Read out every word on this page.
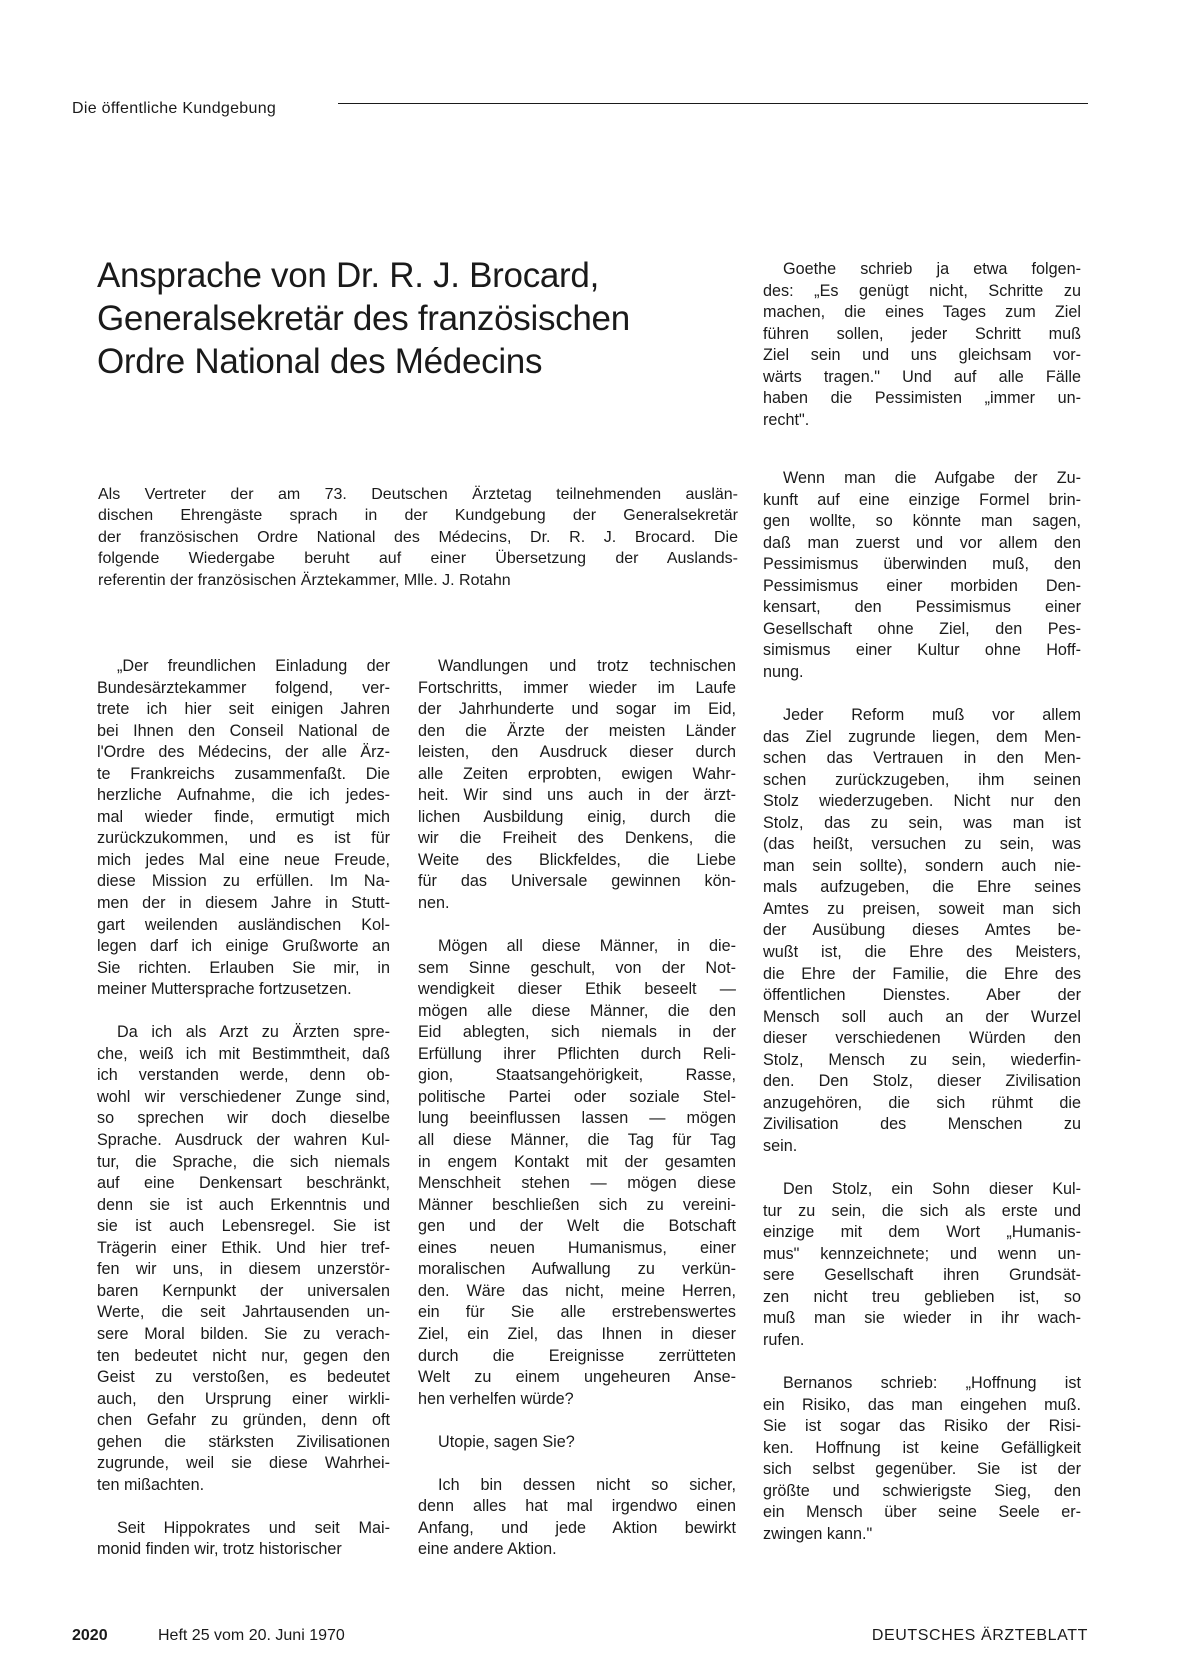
Die öffentliche Kundgebung
Ansprache von Dr. R. J. Brocard,
Generalsekretär des französischen
Ordre National des Médecins
Als Vertreter der am 73. Deutschen Ärztetag teilnehmenden auslän-
dischen Ehrengäste sprach in der Kundgebung der Generalsekretär
der französischen Ordre National des Médecins, Dr. R. J. Brocard. Die
folgende Wiedergabe beruht auf einer Übersetzung der Auslands-
referentin der französischen Ärztekammer, Mlle. J. Rotahn
„Der freundlichen Einladung der
Bundesärztekammer folgend, ver-
trete ich hier seit einigen Jahren
bei Ihnen den Conseil National de
l'Ordre des Médecins, der alle Ärz-
te Frankreichs zusammenfaßt. Die
herzliche Aufnahme, die ich jedes-
mal wieder finde, ermutigt mich
zurückzukommen, und es ist für
mich jedes Mal eine neue Freude,
diese Mission zu erfüllen. Im Na-
men der in diesem Jahre in Stutt-
gart weilenden ausländischen Kol-
legen darf ich einige Grußworte an
Sie richten. Erlauben Sie mir, in
meiner Muttersprache fortzusetzen.
Da ich als Arzt zu Ärzten spre-
che, weiß ich mit Bestimmtheit, daß
ich verstanden werde, denn ob-
wohl wir verschiedener Zunge sind,
so sprechen wir doch dieselbe
Sprache. Ausdruck der wahren Kul-
tur, die Sprache, die sich niemals
auf eine Denkensart beschränkt,
denn sie ist auch Erkenntnis und
sie ist auch Lebensregel. Sie ist
Trägerin einer Ethik. Und hier tref-
fen wir uns, in diesem unzerstör-
baren Kernpunkt der universalen
Werte, die seit Jahrtausenden un-
sere Moral bilden. Sie zu verach-
ten bedeutet nicht nur, gegen den
Geist zu verstoßen, es bedeutet
auch, den Ursprung einer wirkli-
chen Gefahr zu gründen, denn oft
gehen die stärksten Zivilisationen
zugrunde, weil sie diese Wahrhei-
ten mißachten.
Seit Hippokrates und seit Mai-
monid finden wir, trotz historischer
Wandlungen und trotz technischen
Fortschritts, immer wieder im Laufe
der Jahrhunderte und sogar im Eid,
den die Ärzte der meisten Länder
leisten, den Ausdruck dieser durch
alle Zeiten erprobten, ewigen Wahr-
heit. Wir sind uns auch in der ärzt-
lichen Ausbildung einig, durch die
wir die Freiheit des Denkens, die
Weite des Blickfeldes, die Liebe
für das Universale gewinnen kön-
nen.
Mögen all diese Männer, in die-
sem Sinne geschult, von der Not-
wendigkeit dieser Ethik beseelt —
mögen alle diese Männer, die den
Eid ablegten, sich niemals in der
Erfüllung ihrer Pflichten durch Reli-
gion, Staatsangehörigkeit, Rasse,
politische Partei oder soziale Stel-
lung beeinflussen lassen — mögen
all diese Männer, die Tag für Tag
in engem Kontakt mit der gesamten
Menschheit stehen — mögen diese
Männer beschließen sich zu vereini-
gen und der Welt die Botschaft
eines neuen Humanismus, einer
moralischen Aufwallung zu verkün-
den. Wäre das nicht, meine Herren,
ein für Sie alle erstrebenswertes
Ziel, ein Ziel, das Ihnen in dieser
durch die Ereignisse zerrütteten
Welt zu einem ungeheuren Anse-
hen verhelfen würde?
Utopie, sagen Sie?
Ich bin dessen nicht so sicher,
denn alles hat mal irgendwo einen
Anfang, und jede Aktion bewirkt
eine andere Aktion.
Goethe schrieb ja etwa folgen-
des: „Es genügt nicht, Schritte zu
machen, die eines Tages zum Ziel
führen sollen, jeder Schritt muß
Ziel sein und uns gleichsam vor-
wärts tragen." Und auf alle Fälle
haben die Pessimisten „immer un-
recht".
Wenn man die Aufgabe der Zu-
kunft auf eine einzige Formel brin-
gen wollte, so könnte man sagen,
daß man zuerst und vor allem den
Pessimismus überwinden muß, den
Pessimismus einer morbiden Den-
kensart, den Pessimismus einer
Gesellschaft ohne Ziel, den Pes-
simismus einer Kultur ohne Hoff-
nung.
Jeder Reform muß vor allem
das Ziel zugrunde liegen, dem Men-
schen das Vertrauen in den Men-
schen zurückzugeben, ihm seinen
Stolz wiederzugeben. Nicht nur den
Stolz, das zu sein, was man ist
(das heißt, versuchen zu sein, was
man sein sollte), sondern auch nie-
mals aufzugeben, die Ehre seines
Amtes zu preisen, soweit man sich
der Ausübung dieses Amtes be-
wußt ist, die Ehre des Meisters,
die Ehre der Familie, die Ehre des
öffentlichen Dienstes. Aber der
Mensch soll auch an der Wurzel
dieser verschiedenen Würden den
Stolz, Mensch zu sein, wiederfin-
den. Den Stolz, dieser Zivilisation
anzugehören, die sich rühmt die
Zivilisation des Menschen zu
sein.
Den Stolz, ein Sohn dieser Kul-
tur zu sein, die sich als erste und
einzige mit dem Wort „Humanis-
mus" kennzeichnete; und wenn un-
sere Gesellschaft ihren Grundsät-
zen nicht treu geblieben ist, so
muß man sie wieder in ihr wach-
rufen.
Bernanos schrieb: „Hoffnung ist
ein Risiko, das man eingehen muß.
Sie ist sogar das Risiko der Risi-
ken. Hoffnung ist keine Gefälligkeit
sich selbst gegenüber. Sie ist der
größte und schwierigste Sieg, den
ein Mensch über seine Seele er-
zwingen kann."
2020	Heft 25 vom 20. Juni 1970	DEUTSCHES ÄRZTEBLATT
